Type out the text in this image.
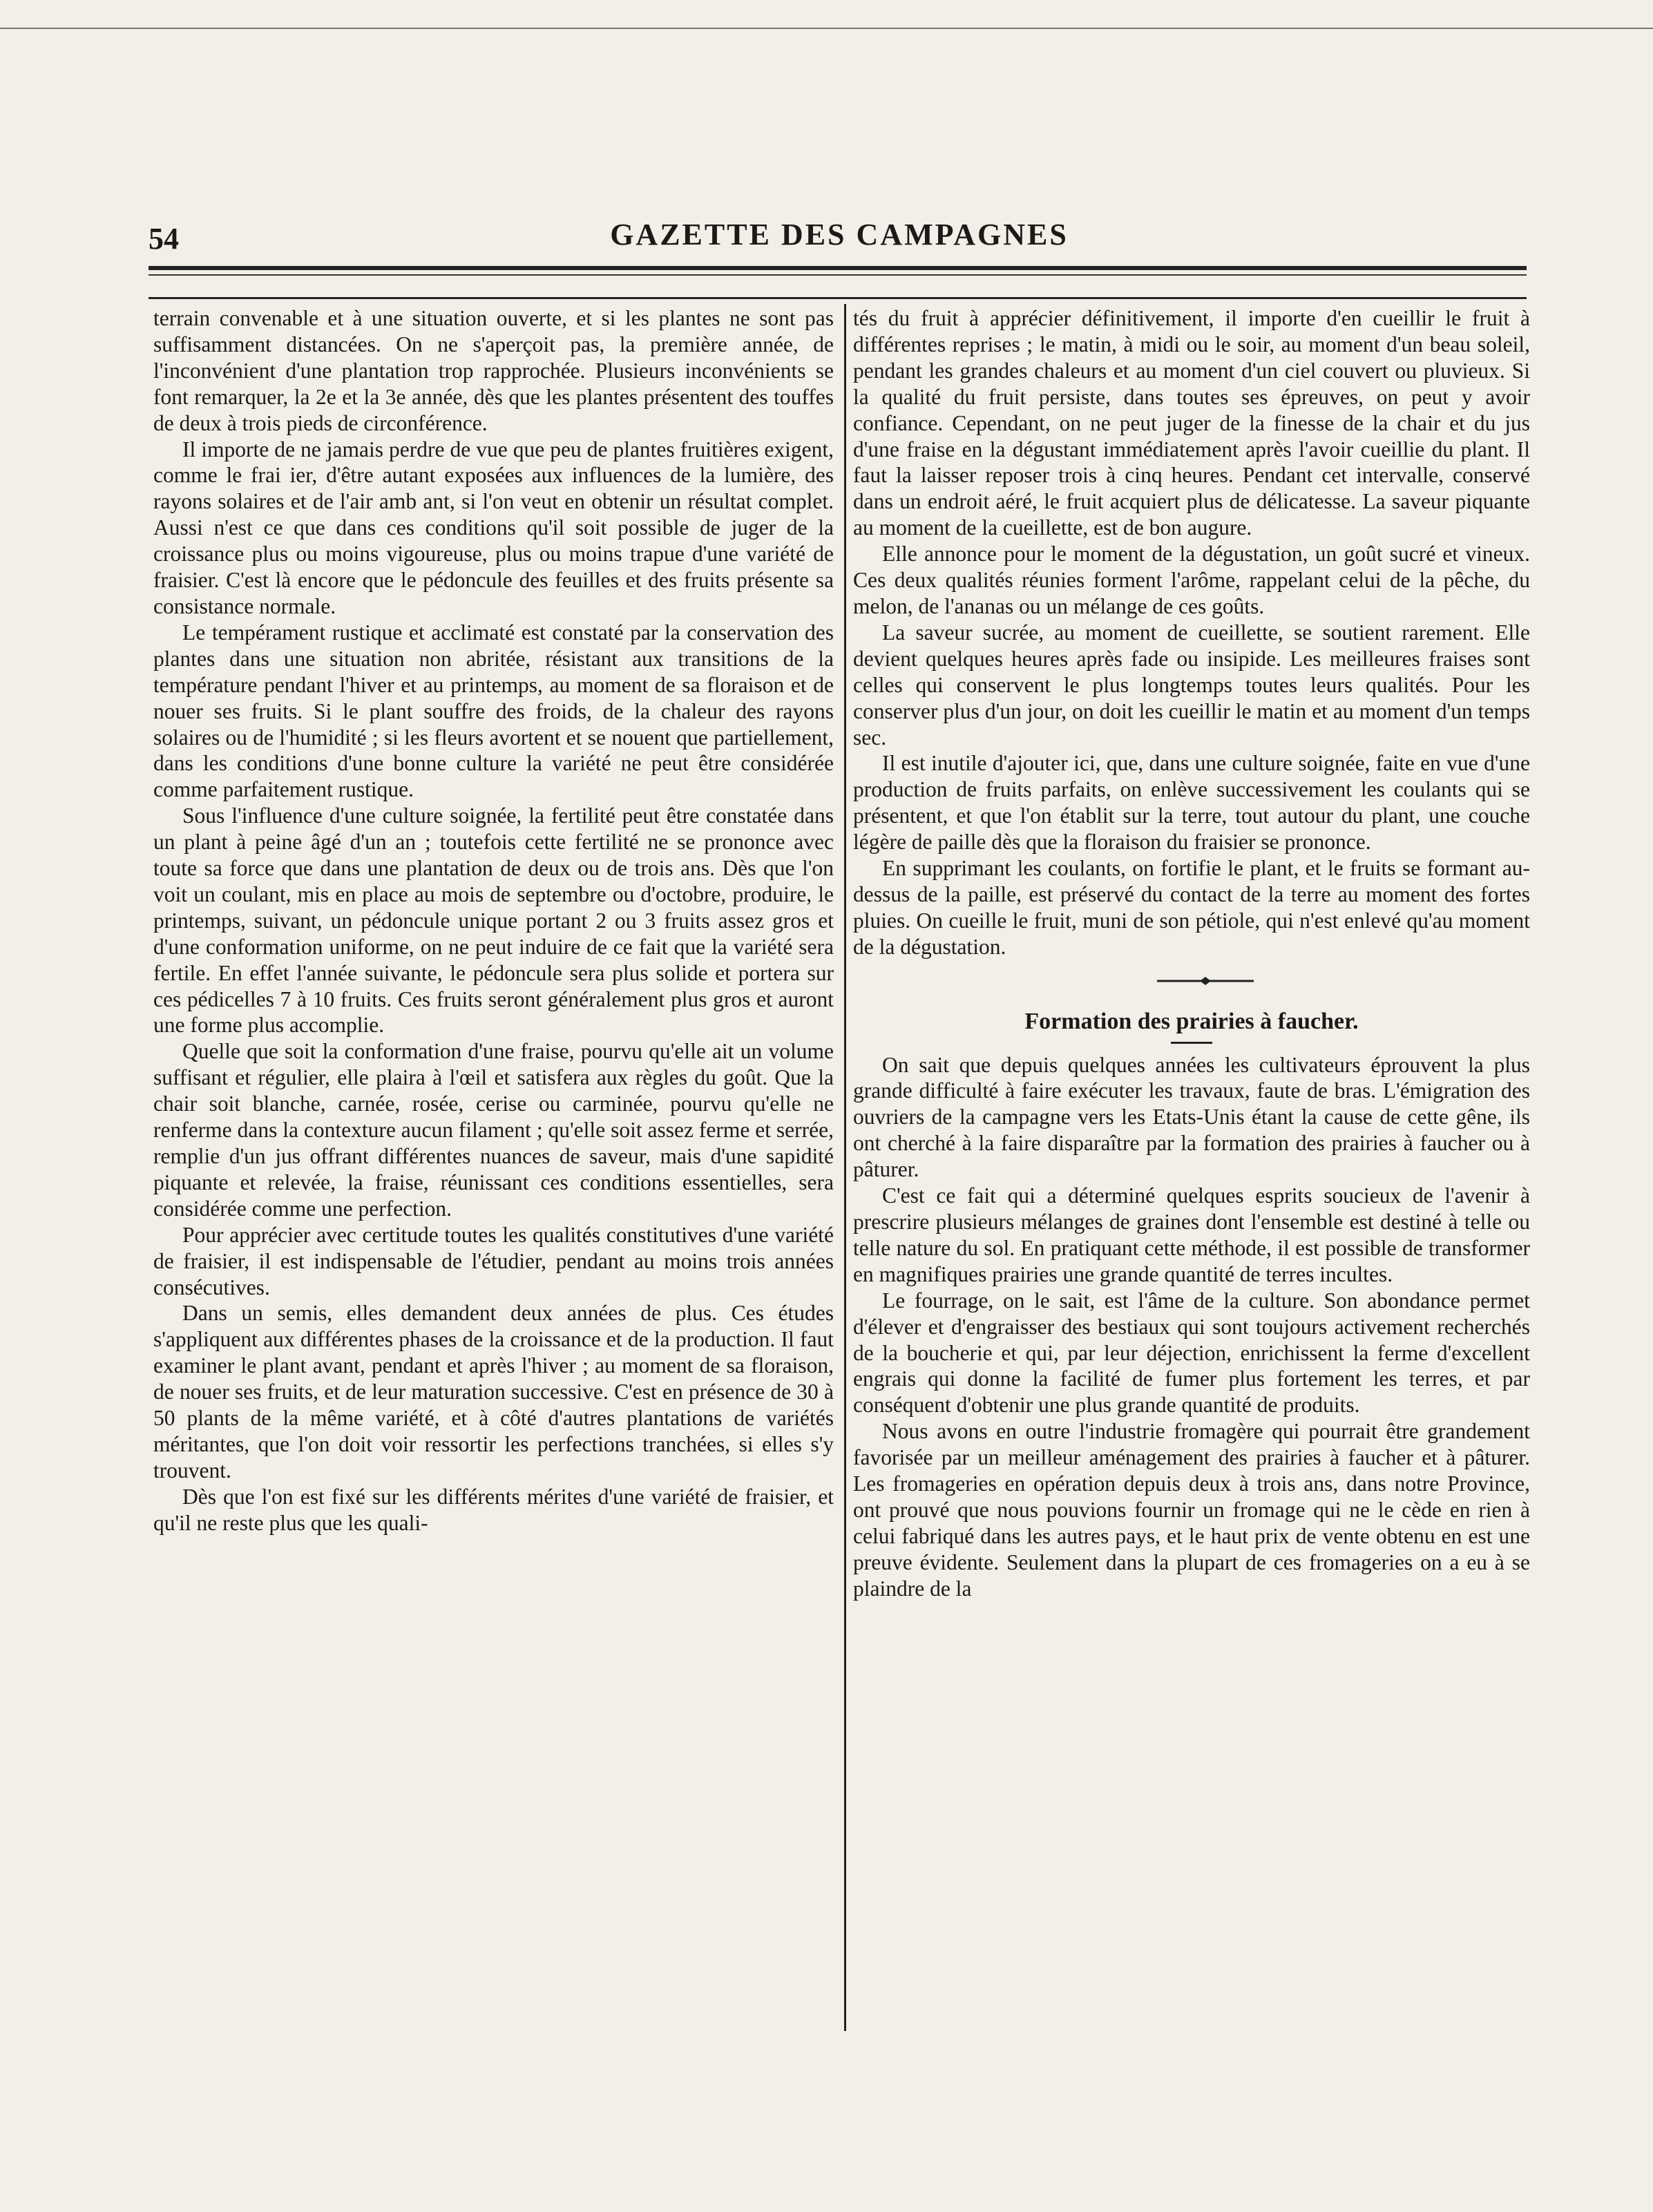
54	GAZETTE DES CAMPAGNES

terrain convenable et à une situation ouverte, et si les plantes ne sont pas suffisamment distancées. On ne s'aperçoit pas, la première année, de l'inconvénient d'une plantation trop rapprochée. Plusieurs inconvénients se font remarquer, la 2e et la 3e année, dès que les plantes présentent des touffes de deux à trois pieds de circonférence.

Il importe de ne jamais perdre de vue que peu de plantes fruitières exigent, comme le frai ier, d'être autant exposées aux influences de la lumière, des rayons solaires et de l'air amb ant, si l'on veut en obtenir un résultat complet. Aussi n'est ce que dans ces conditions qu'il soit possible de juger de la croissance plus ou moins vigoureuse, plus ou moins trapue d'une variété de fraisier. C'est là encore que le pédoncule des feuilles et des fruits présente sa consistance normale.

Le tempérament rustique et acclimaté est constaté par la conservation des plantes dans une situation non abritée, résistant aux transitions de la température pendant l'hiver et au printemps, au moment de sa floraison et de nouer ses fruits. Si le plant souffre des froids, de la chaleur des rayons solaires ou de l'humidité ; si les fleurs avortent et se nouent que partiellement, dans les conditions d'une bonne culture la variété ne peut être considérée comme parfaitement rustique.

Sous l'influence d'une culture soignée, la fertilité peut être constatée dans un plant à peine âgé d'un an ; toutefois cette fertilité ne se prononce avec toute sa force que dans une plantation de deux ou de trois ans. Dès que l'on voit un coulant, mis en place au mois de septembre ou d'octobre, produire, le printemps, suivant, un pédoncule unique portant 2 ou 3 fruits assez gros et d'une conformation uniforme, on ne peut induire de ce fait que la variété sera fertile. En effet l'année suivante, le pédoncule sera plus solide et portera sur ces pédicelles 7 à 10 fruits. Ces fruits seront généralement plus gros et auront une forme plus accomplie.

Quelle que soit la conformation d'une fraise, pourvu qu'elle ait un volume suffisant et régulier, elle plaira à l'œil et satisfera aux règles du goût. Que la chair soit blanche, carnée, rosée, cerise ou carminée, pourvu qu'elle ne renferme dans la contexture aucun filament ; qu'elle soit assez ferme et serrée, remplie d'un jus offrant différentes nuances de saveur, mais d'une sapidité piquante et relevée, la fraise, réunissant ces conditions essentielles, sera considérée comme une perfection.

Pour apprécier avec certitude toutes les qualités constitutives d'une variété de fraisier, il est indispensable de l'étudier, pendant au moins trois années consécutives.

Dans un semis, elles demandent deux années de plus. Ces études s'appliquent aux différentes phases de la croissance et de la production. Il faut examiner le plant avant, pendant et après l'hiver ; au moment de sa floraison, de nouer ses fruits, et de leur maturation successive. C'est en présence de 30 à 50 plants de la même variété, et à côté d'autres plantations de variétés méritantes, que l'on doit voir ressortir les perfections tranchées, si elles s'y trouvent.

Dès que l'on est fixé sur les différents mérites d'une variété de fraisier, et qu'il ne reste plus que les quali-

tés du fruit à apprécier définitivement, il importe d'en cueillir le fruit à différentes reprises ; le matin, à midi ou le soir, au moment d'un beau soleil, pendant les grandes chaleurs et au moment d'un ciel couvert ou pluvieux. Si la qualité du fruit persiste, dans toutes ses épreuves, on peut y avoir confiance. Cependant, on ne peut juger de la finesse de la chair et du jus d'une fraise en la dégustant immédiatement après l'avoir cueillie du plant. Il faut la laisser reposer trois à cinq heures. Pendant cet intervalle, conservé dans un endroit aéré, le fruit acquiert plus de délicatesse. La saveur piquante au moment de la cueillette, est de bon augure.

Elle annonce pour le moment de la dégustation, un goût sucré et vineux. Ces deux qualités réunies forment l'arôme, rappelant celui de la pêche, du melon, de l'ananas ou un mélange de ces goûts.

La saveur sucrée, au moment de cueillette, se soutient rarement. Elle devient quelques heures après fade ou insipide. Les meilleures fraises sont celles qui conservent le plus longtemps toutes leurs qualités. Pour les conserver plus d'un jour, on doit les cueillir le matin et au moment d'un temps sec.

Il est inutile d'ajouter ici, que, dans une culture soignée, faite en vue d'une production de fruits parfaits, on enlève successivement les coulants qui se présentent, et que l'on établit sur la terre, tout autour du plant, une couche légère de paille dès que la floraison du fraisier se prononce.

En supprimant les coulants, on fortifie le plant, et le fruits se formant au-dessus de la paille, est préservé du contact de la terre au moment des fortes pluies. On cueille le fruit, muni de son pétiole, qui n'est enlevé qu'au moment de la dégustation.

Formation des prairies à faucher.

On sait que depuis quelques années les cultivateurs éprouvent la plus grande difficulté à faire exécuter les travaux, faute de bras. L'émigration des ouvriers de la campagne vers les Etats-Unis étant la cause de cette gêne, ils ont cherché à la faire disparaître par la formation des prairies à faucher ou à pâturer.

C'est ce fait qui a déterminé quelques esprits soucieux de l'avenir à prescrire plusieurs mélanges de graines dont l'ensemble est destiné à telle ou telle nature du sol. En pratiquant cette méthode, il est possible de transformer en magnifiques prairies une grande quantité de terres incultes.

Le fourrage, on le sait, est l'âme de la culture. Son abondance permet d'élever et d'engraisser des bestiaux qui sont toujours activement recherchés de la boucherie et qui, par leur déjection, enrichissent la ferme d'excellent engrais qui donne la facilité de fumer plus fortement les terres, et par conséquent d'obtenir une plus grande quantité de produits.

Nous avons en outre l'industrie fromagère qui pourrait être grandement favorisée par un meilleur aménagement des prairies à faucher et à pâturer. Les fromageries en opération depuis deux à trois ans, dans notre Province, ont prouvé que nous pouvions fournir un fromage qui ne le cède en rien à celui fabriqué dans les autres pays, et le haut prix de vente obtenu en est une preuve évidente. Seulement dans la plupart de ces fromageries on a eu à se plaindre de la
